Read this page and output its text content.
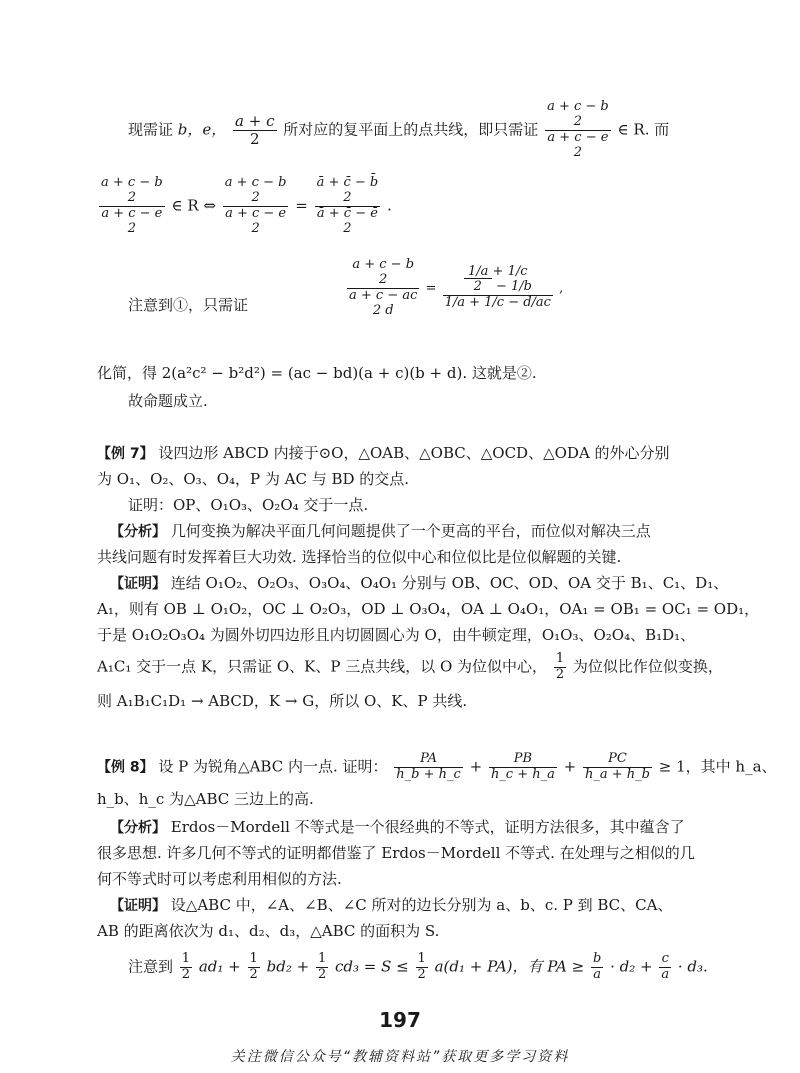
现需证 b，e， $\frac{a + c}{2}$ 所对应的复平面上的点共线，即只需证
a + c − b
2
a + c − e
2
∈ R. 而
a + c − b
2
a + c − e
2
∈ R ⇔
a + c − b
2
a + c − e
2
=
ā + c̄ − b̄
2
ā + c̄ − ē
2
.
注意到①，只需证
a + c − b
2
a + c − ac
2 d
=
1/a + 1/c
2 − 1/b
1/a + 1/c − d/ac
,
化简，得 2(a²c² − b²d²) = (ac − bd)(a + c)(b + d). 这就是②.
故命题成立.
【例 7】 设四边形 ABCD 内接于⊙O，△OAB、△OBC、△OCD、△ODA 的外心分别
为 O₁、O₂、O₃、O₄，P 为 AC 与 BD 的交点.
证明：OP、O₁O₃、O₂O₄ 交于一点.
【分析】 几何变换为解决平面几何问题提供了一个更高的平台，而位似对解决三点
共线问题有时发挥着巨大功效. 选择恰当的位似中心和位似比是位似解题的关键.
【证明】 连结 O₁O₂、O₂O₃、O₃O₄、O₄O₁ 分别与 OB、OC、OD、OA 交于 B₁、C₁、D₁、
A₁，则有 OB ⊥ O₁O₂，OC ⊥ O₂O₃，OD ⊥ O₃O₄，OA ⊥ O₄O₁，OA₁ = OB₁ = OC₁ = OD₁，
于是 O₁O₂O₃O₄ 为圆外切四边形且内切圆圆心为 O，由牛顿定理，O₁O₃、O₂O₄、B₁D₁、
A₁C₁ 交于一点 K，只需证 O、K、P 三点共线，以 O 为位似中心， $\frac{1}{2}$ 为位似比作位似变换，
则 A₁B₁C₁D₁ → ABCD，K → G，所以 O、K、P 共线.
【例 8】 设 P 为锐角△ABC 内一点. 证明： $\frac{PA}{h\_b + h\_c} + \frac{PB}{h\_c + h\_a} + \frac{PC}{h\_a + h\_b} \ge 1$，其中 h_a、
h_b、h_c 为△ABC 三边上的高.
【分析】 Erdos－Mordell 不等式是一个很经典的不等式，证明方法很多，其中蕴含了
很多思想. 许多几何不等式的证明都借鉴了 Erdos－Mordell 不等式. 在处理与之相似的几
何不等式时可以考虑利用相似的方法.
【证明】 设△ABC 中，∠A、∠B、∠C 所对的边长分别为 a、b、c. P 到 BC、CA、
AB 的距离依次为 d₁、d₂、d₃，△ABC 的面积为 S.
注意到 $\frac{1}{2} ad_1 + \frac{1}{2} bd_2 + \frac{1}{2} cd_3 = S \le \frac{1}{2} a(d_1 + PA)$，有 PA ≥ $\frac{b}{a} \cdot d_2 + \frac{c}{a} \cdot d_3$.
197
关注微信公众号“教辅资料站”获取更多学习资料
